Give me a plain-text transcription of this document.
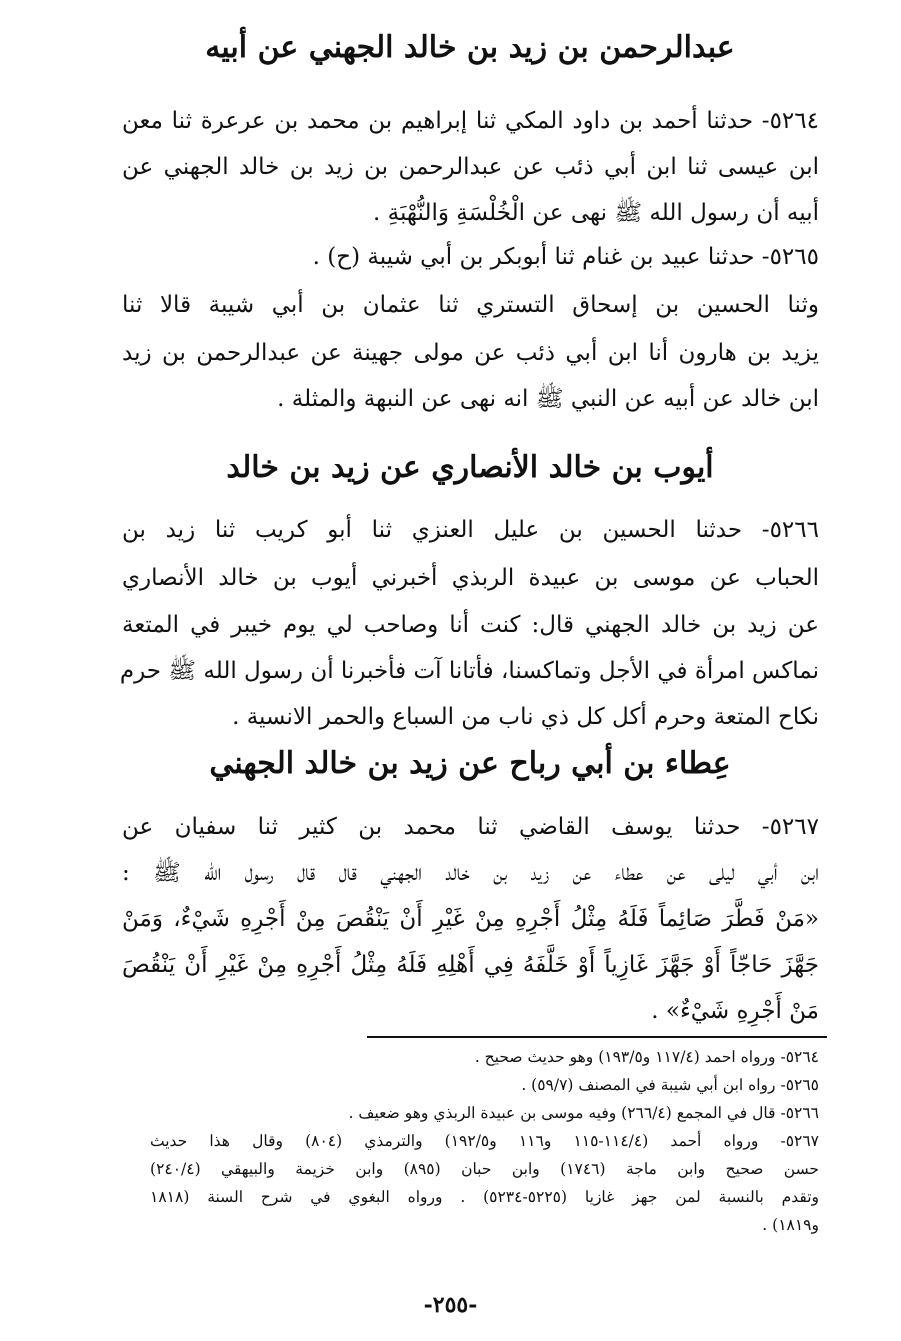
عبدالرحمن بن زيد بن خالد الجهني عن أبيه
٥٢٦٤- حدثنا أحمد بن داود المكي ثنا إبراهيم بن محمد بن عرعرة ثنا معن
ابن عيسى ثنا ابن أبي ذئب عن عبدالرحمن بن زيد بن خالد الجهني عن
أبيه أن رسول الله ﷺ نهى عن الْخُلْسَةِ وَالنُّهْبَةِ .
٥٢٦٥- حدثنا عبيد بن غنام ثنا أبوبكر بن أبي شيبة (ح) .
وثنا الحسين بن إسحاق التستري ثنا عثمان بن أبي شيبة قالا ثنا
يزيد بن هارون أنا ابن أبي ذئب عن مولى جهينة عن عبدالرحمن بن زيد
ابن خالد عن أبيه عن النبي ﷺ انه نهى عن النبهة والمثلة .
أيوب بن خالد الأنصاري عن زيد بن خالد
٥٢٦٦- حدثنا الحسين بن عليل العنزي ثنا أبو كريب ثنا زيد بن
الحباب عن موسى بن عبيدة الربذي أخبرني أيوب بن خالد الأنصاري
عن زيد بن خالد الجهني قال: كنت أنا وصاحب لي يوم خيبر في المتعة
نماكس امرأة في الأجل وتماكسنا، فأتانا آت فأخبرنا أن رسول الله ﷺ حرم
نكاح المتعة وحرم أكل كل ذي ناب من السباع والحمر الانسية .
عِطاء بن أبي رباح عن زيد بن خالد الجهني
٥٢٦٧- حدثنا يوسف القاضي ثنا محمد بن كثير ثنا سفيان عن
ابن أبي ليلى عن عطاء عن زيد بن خالد الجهني قال قال رسول الله ﷺ :
«مَنْ فَطَّرَ صَائِماً فَلَهُ مِثْلُ أَجْرِهِ مِنْ غَيْرِ أَنْ يَنْقُصَ مِنْ أَجْرِهِ شَيْءٌ، وَمَنْ
جَهَّزَ حَاجّاً أَوْ جَهَّزَ غَازِياً أَوْ خَلَّفَهُ فِي أَهْلِهِ فَلَهُ مِثْلُ أَجْرِهِ مِنْ غَيْرِ أَنْ يَنْقُصَ
مَنْ أَجْرِهِ شَيْءٌ» .
٥٢٦٤- ورواه احمد (١١٧/٤ و١٩٣/٥) وهو حديث صحيح .
٥٢٦٥- رواه ابن أبي شيبة في المصنف (٥٩/٧) .
٥٢٦٦- قال في المجمع (٢٦٦/٤) وفيه موسى بن عبيدة الربذي وهو ضعيف .
٥٢٦٧- ورواه أحمد (١١٤/٤-١١٥ و١١٦ و١٩٢/٥) والترمذي (٨٠٤) وقال هذا حديث
حسن صحيح وابن ماجة (١٧٤٦) وابن حبان (٨٩٥) وابن خزيمة والبيهقي (٢٤٠/٤)
وتقدم بالنسبة لمن جهز غازيا (٥٢٢٥-٥٢٣٤) . ورواه البغوي في شرح السنة (١٨١٨
و١٨١٩) .
-٢٥٥-
